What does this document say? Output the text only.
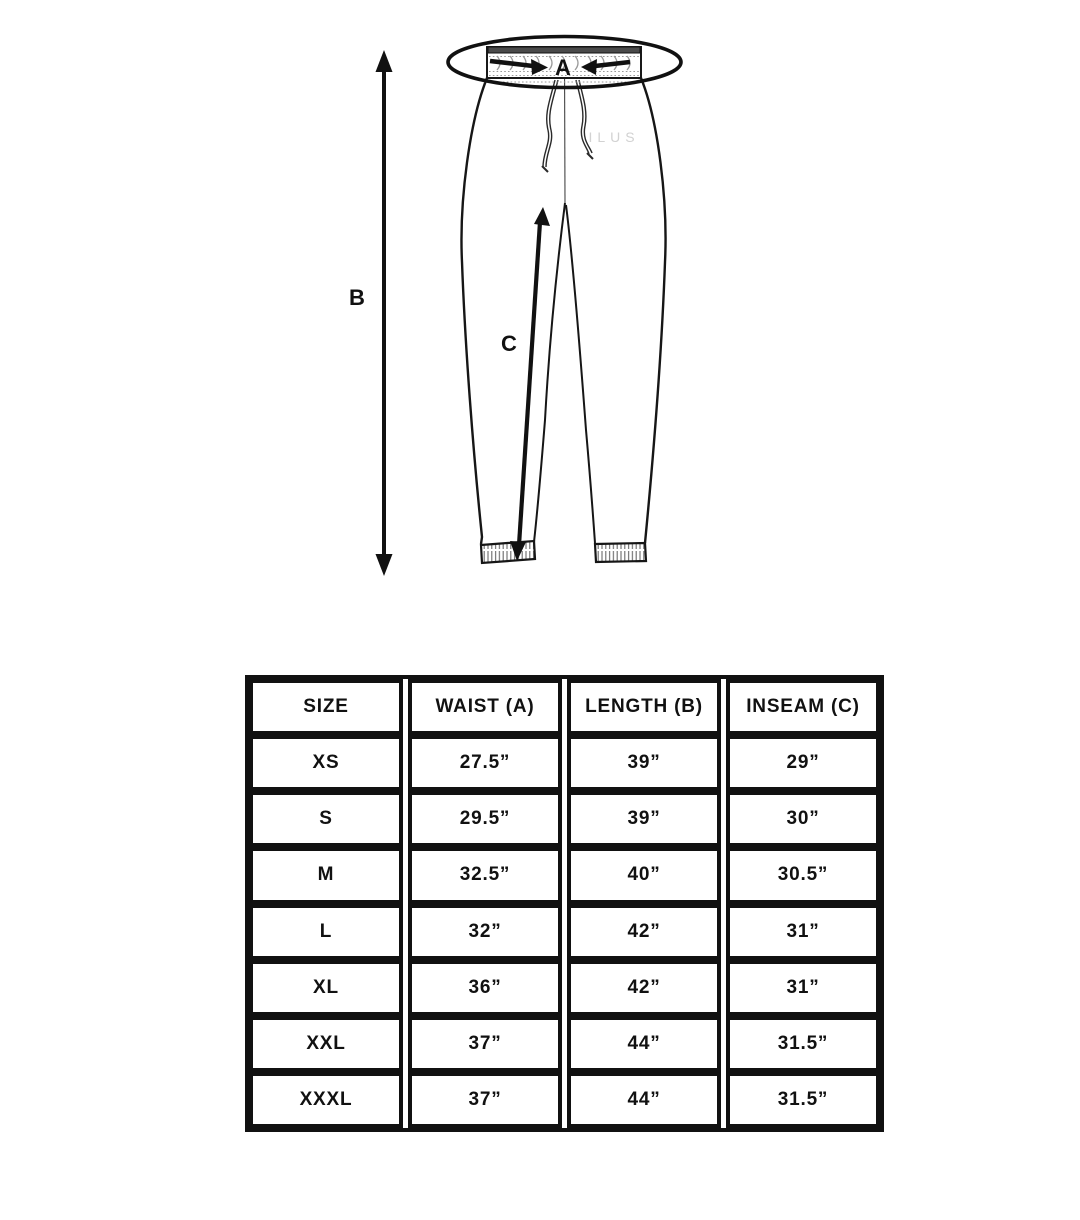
ILUS
A
B
C
SIZE	WAIST (A)	LENGTH (B)	INSEAM (C)
XS	27.5”	39”	29”
S	29.5”	39”	30”
M	32.5”	40”	30.5”
L	32”	42”	31”
XL	36”	42”	31”
XXL	37”	44”	31.5”
XXXL	37”	44”	31.5”
